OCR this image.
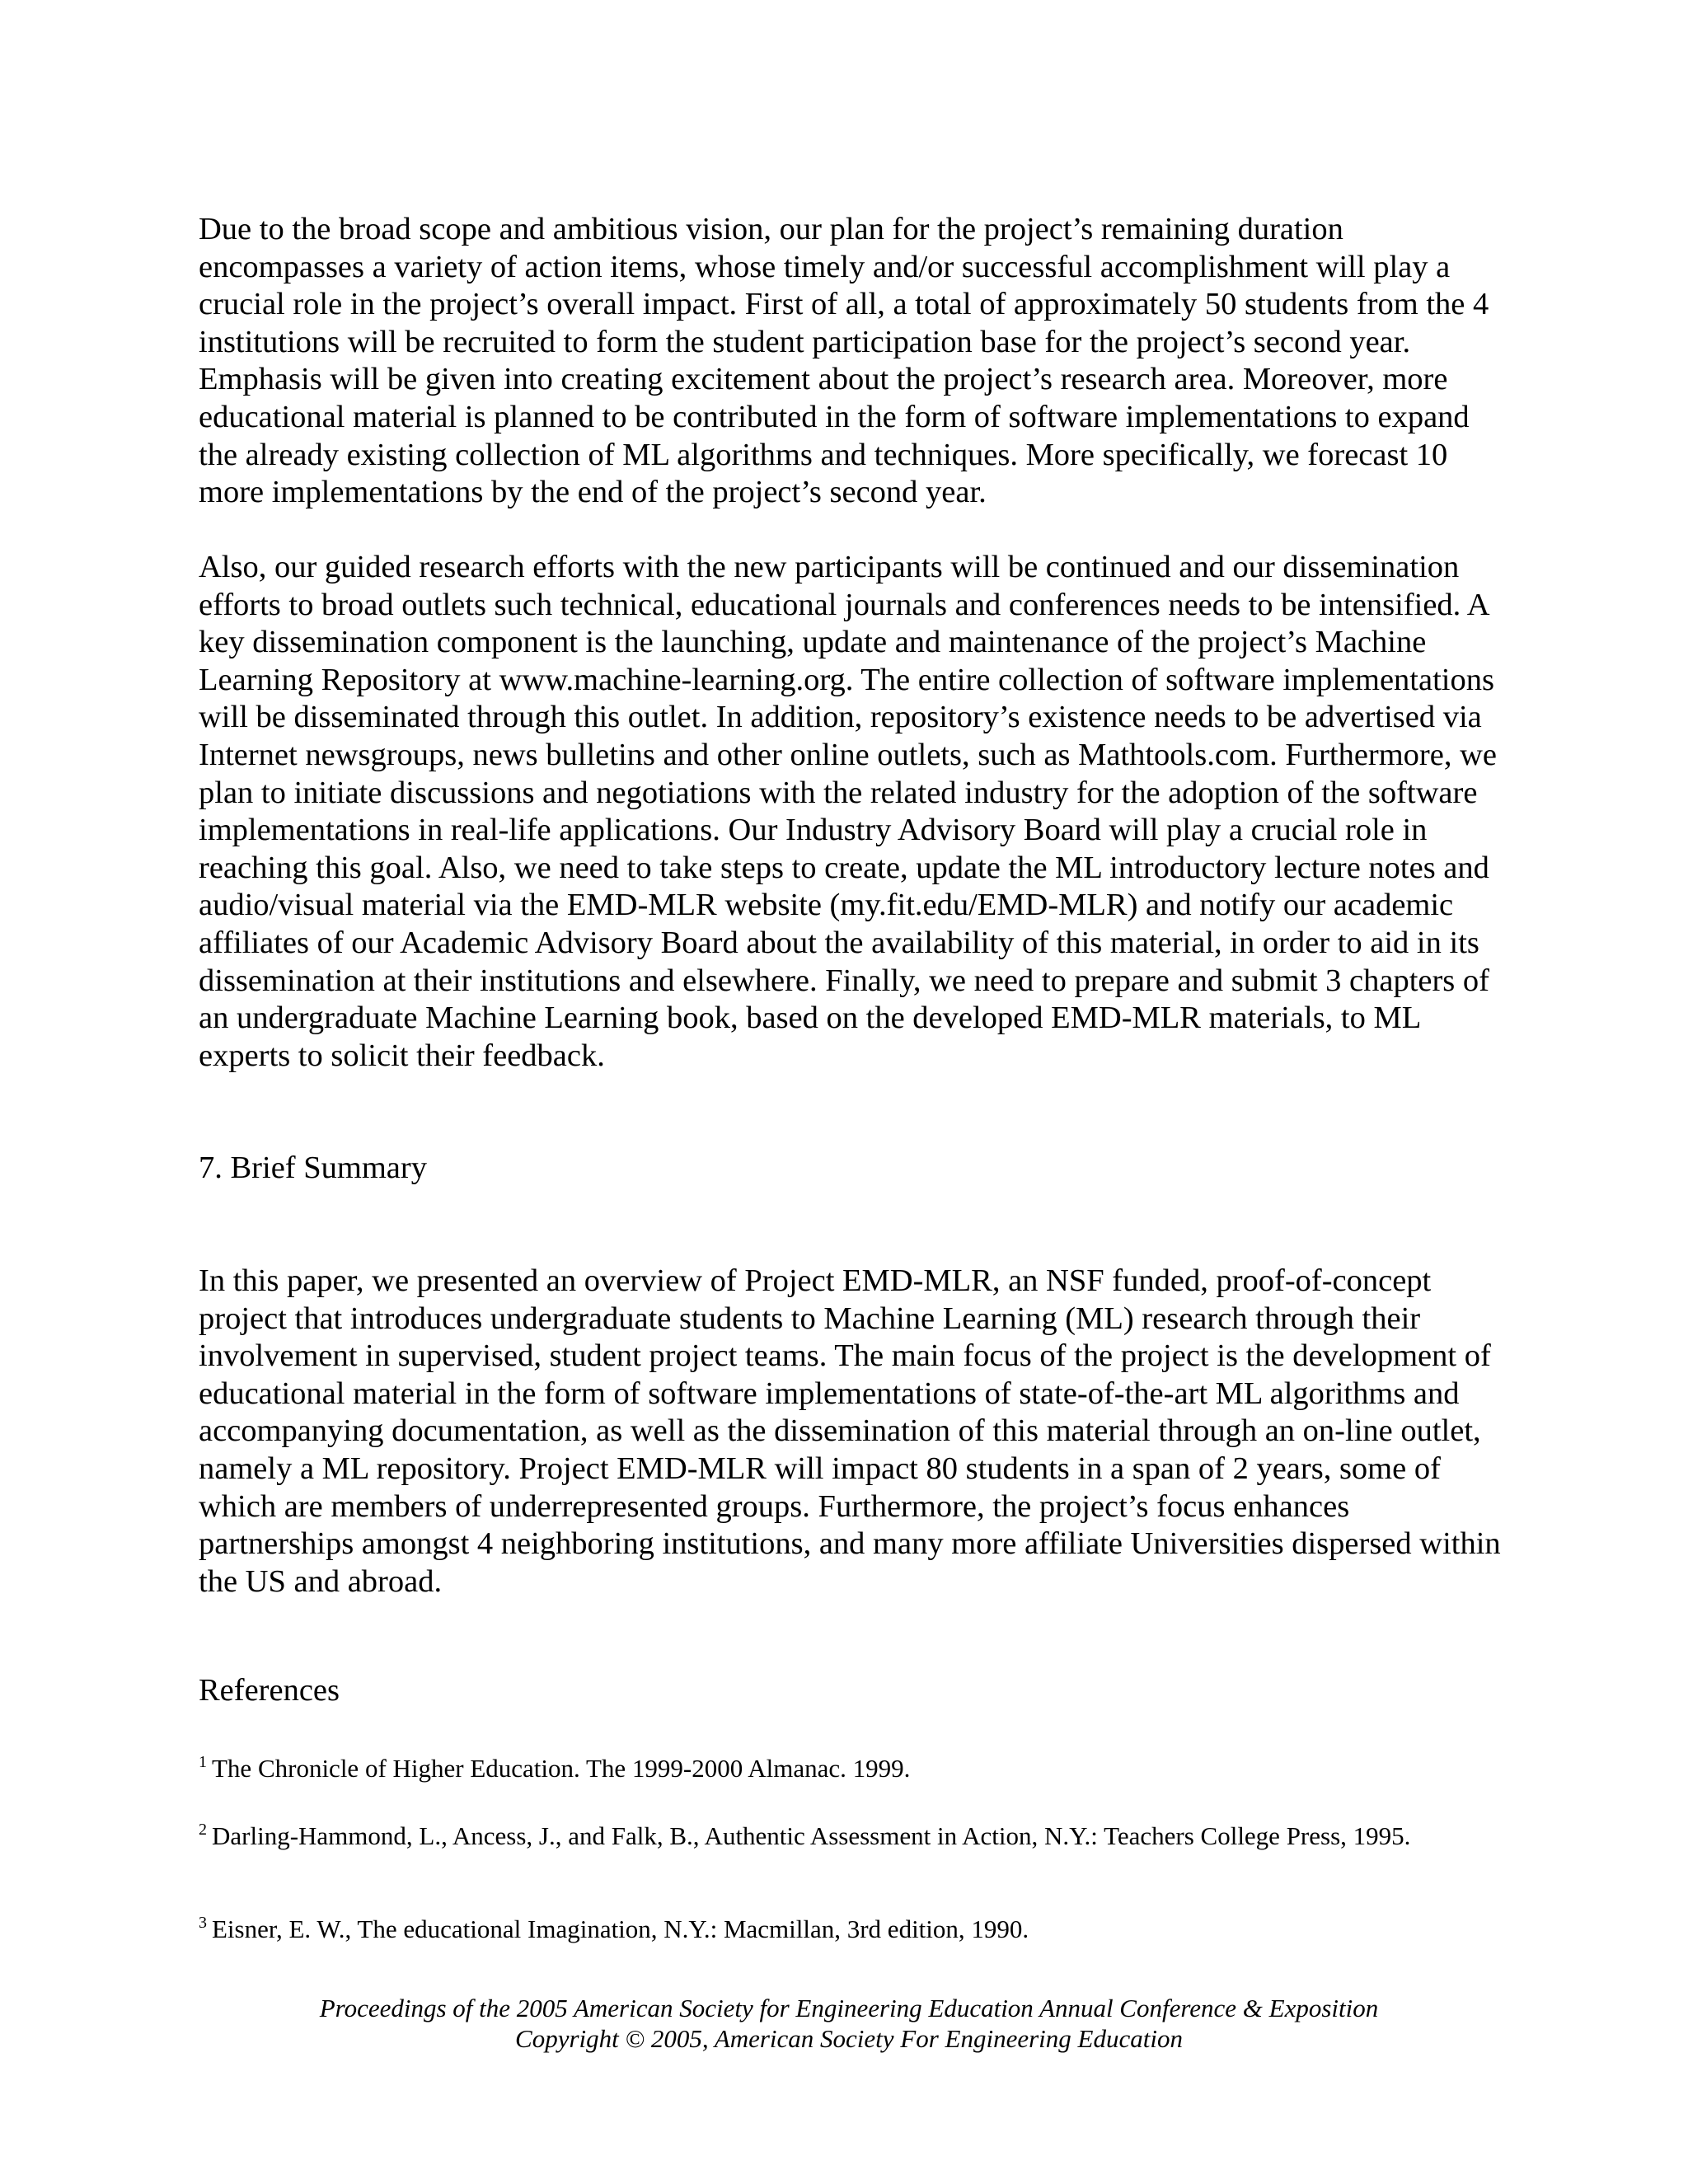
Due to the broad scope and ambitious vision, our plan for the project’s remaining duration encompasses a variety of action items, whose timely and/or successful accomplishment will play a crucial role in the project’s overall impact. First of all, a total of approximately 50 students from the 4 institutions will be recruited to form the student participation base for the project’s second year. Emphasis will be given into creating excitement about the project’s research area. Moreover, more educational material is planned to be contributed in the form of software implementations to expand the already existing collection of ML algorithms and techniques. More specifically, we forecast 10 more implementations by the end of the project’s second year.

Also, our guided research efforts with the new participants will be continued and our dissemination efforts to broad outlets such technical, educational journals and conferences needs to be intensified. A key dissemination component is the launching, update and maintenance of the project’s Machine Learning Repository at www.machine-learning.org. The entire collection of software implementations will be disseminated through this outlet. In addition, repository’s existence needs to be advertised via Internet newsgroups, news bulletins and other online outlets, such as Mathtools.com. Furthermore, we plan to initiate discussions and negotiations with the related industry for the adoption of the software implementations in real-life applications. Our Industry Advisory Board will play a crucial role in reaching this goal. Also, we need to take steps to create, update the ML introductory lecture notes and audio/visual material via the EMD-MLR website (my.fit.edu/EMD-MLR) and notify our academic affiliates of our Academic Advisory Board about the availability of this material, in order to aid in its dissemination at their institutions and elsewhere. Finally, we need to prepare and submit 3 chapters of an undergraduate Machine Learning book, based on the developed EMD-MLR materials, to ML experts to solicit their feedback.

7. Brief Summary

In this paper, we presented an overview of Project EMD-MLR, an NSF funded, proof-of-concept project that introduces undergraduate students to Machine Learning (ML) research through their involvement in supervised, student project teams. The main focus of the project is the development of educational material in the form of software implementations of state-of-the-art ML algorithms and accompanying documentation, as well as the dissemination of this material through an on-line outlet, namely a ML repository. Project EMD-MLR will impact 80 students in a span of 2 years, some of which are members of underrepresented groups. Furthermore, the project’s focus enhances partnerships amongst 4 neighboring institutions, and many more affiliate Universities dispersed within the US and abroad.

References

$^1$ The Chronicle of Higher Education. The 1999-2000 Almanac. 1999.

$^2$ Darling-Hammond, L., Ancess, J., and Falk, B., Authentic Assessment in Action, N.Y.: Teachers College Press, 1995.

$^3$ Eisner, E. W., The educational Imagination, N.Y.: Macmillan, 3rd edition, 1990.

Proceedings of the 2005 American Society for Engineering Education Annual Conference & Exposition

Copyright © 2005, American Society For Engineering Education
